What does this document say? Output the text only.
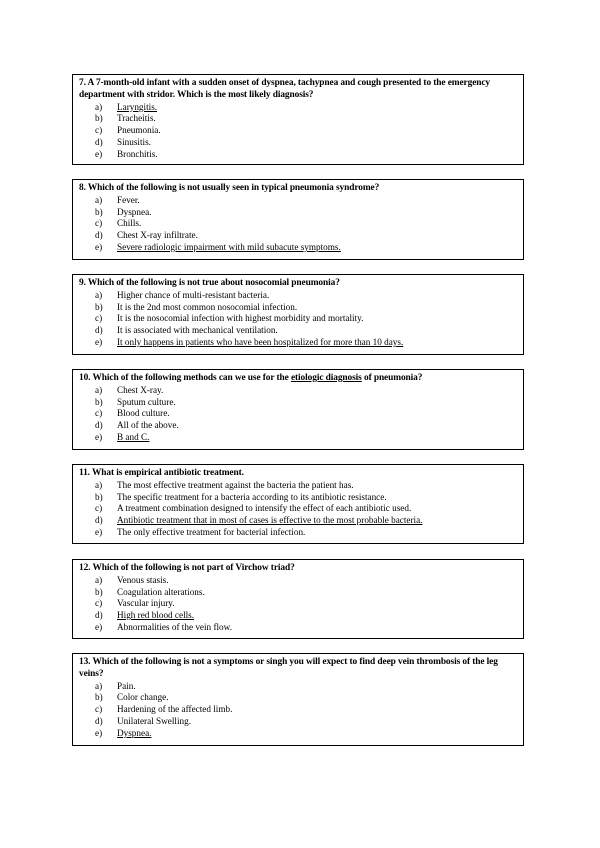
7. A 7-month-old infant with a sudden onset of dyspnea, tachypnea and cough presented to the emergency department with stridor. Which is the most likely diagnosis?
a) Laryngitis.
b) Tracheitis.
c) Pneumonia.
d) Sinusitis.
e) Bronchitis.
8. Which of the following is not usually seen in typical pneumonia syndrome?
a) Fever.
b) Dyspnea.
c) Chills.
d) Chest X-ray infiltrate.
e) Severe radiologic impairment with mild subacute symptoms.
9. Which of the following is not true about nosocomial pneumonia?
a) Higher chance of multi-resistant bacteria.
b) It is the 2nd most common nosocomial infection.
c) It is the nosocomial infection with highest morbidity and mortality.
d) It is associated with mechanical ventilation.
e) It only happens in patients who have been hospitalized for more than 10 days.
10. Which of the following methods can we use for the etiologic diagnosis of pneumonia?
a) Chest X-ray.
b) Sputum culture.
c) Blood culture.
d) All of the above.
e) B and C.
11. What is empirical antibiotic treatment.
a) The most effective treatment against the bacteria the patient has.
b) The specific treatment for a bacteria according to its antibiotic resistance.
c) A treatment combination designed to intensify the effect of each antibiotic used.
d) Antibiotic treatment that in most of cases is effective to the most probable bacteria.
e) The only effective treatment for bacterial infection.
12. Which of the following is not part of Virchow triad?
a) Venous stasis.
b) Coagulation alterations.
c) Vascular injury.
d) High red blood cells.
e) Abnormalities of the vein flow.
13. Which of the following is not a symptoms or singh you will expect to find deep vein thrombosis of the leg veins?
a) Pain.
b) Color change.
c) Hardening of the affected limb.
d) Unilateral Swelling.
e) Dyspnea.
